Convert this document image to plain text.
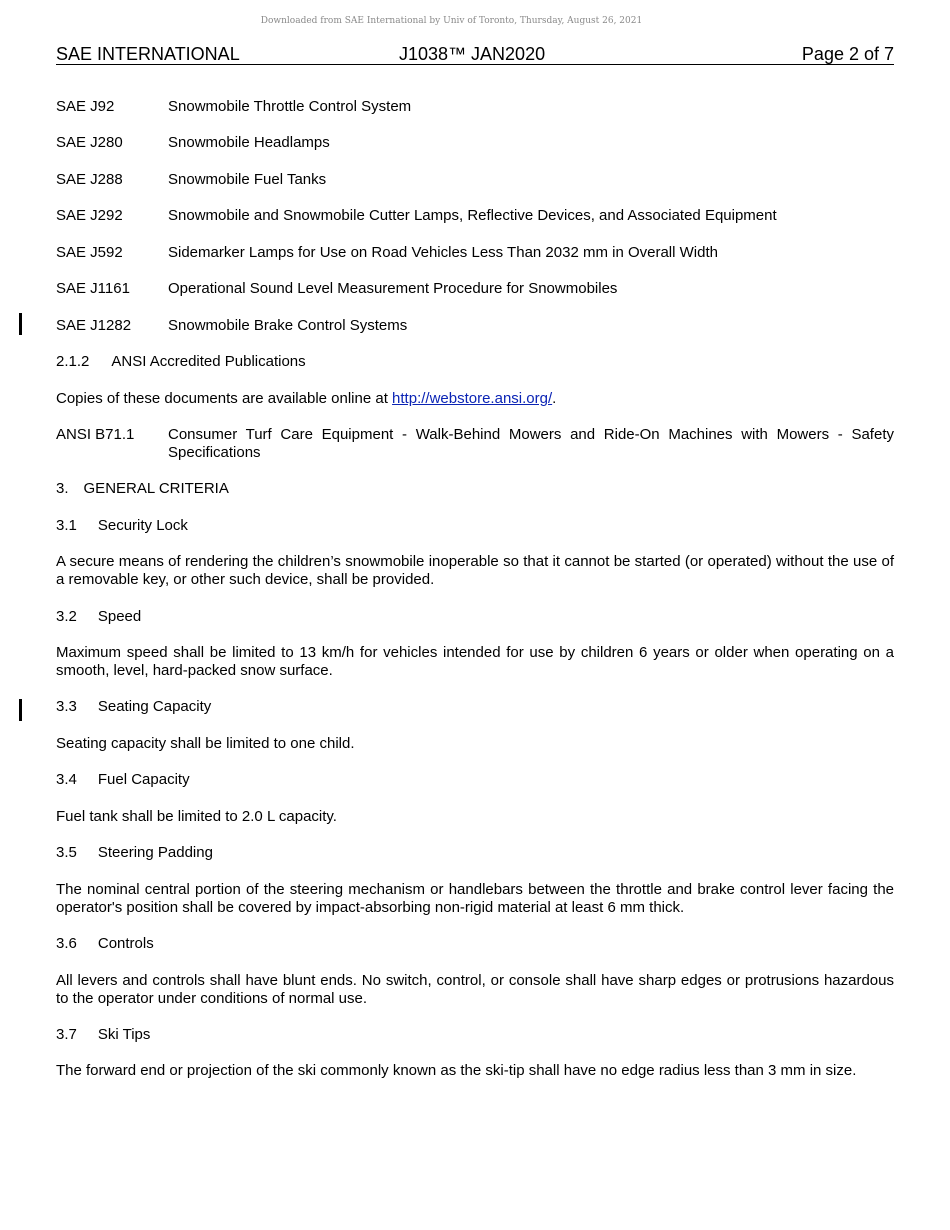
Downloaded from SAE International by Univ of Toronto, Thursday, August 26, 2021
SAE INTERNATIONAL	J1038™ JAN2020	Page 2 of 7
SAE J92	Snowmobile Throttle Control System
SAE J280	Snowmobile Headlamps
SAE J288	Snowmobile Fuel Tanks
SAE J292	Snowmobile and Snowmobile Cutter Lamps, Reflective Devices, and Associated Equipment
SAE J592	Sidemarker Lamps for Use on Road Vehicles Less Than 2032 mm in Overall Width
SAE J1161	Operational Sound Level Measurement Procedure for Snowmobiles
SAE J1282 Snowmobile Brake Control Systems
2.1.2 ANSI Accredited Publications
Copies of these documents are available online at http://webstore.ansi.org/.
ANSI B71.1 Consumer Turf Care Equipment - Walk-Behind Mowers and Ride-On Machines with Mowers - Safety Specifications
3. GENERAL CRITERIA
3.1 Security Lock
A secure means of rendering the children’s snowmobile inoperable so that it cannot be started (or operated) without the use of a removable key, or other such device, shall be provided.
3.2 Speed
Maximum speed shall be limited to 13 km/h for vehicles intended for use by children 6 years or older when operating on a smooth, level, hard-packed snow surface.
3.3 Seating Capacity
Seating capacity shall be limited to one child.
3.4 Fuel Capacity
Fuel tank shall be limited to 2.0 L capacity.
3.5 Steering Padding
The nominal central portion of the steering mechanism or handlebars between the throttle and brake control lever facing the operator's position shall be covered by impact-absorbing non-rigid material at least 6 mm thick.
3.6 Controls
All levers and controls shall have blunt ends. No switch, control, or console shall have sharp edges or protrusions hazardous to the operator under conditions of normal use.
3.7 Ski Tips
The forward end or projection of the ski commonly known as the ski-tip shall have no edge radius less than 3 mm in size.
